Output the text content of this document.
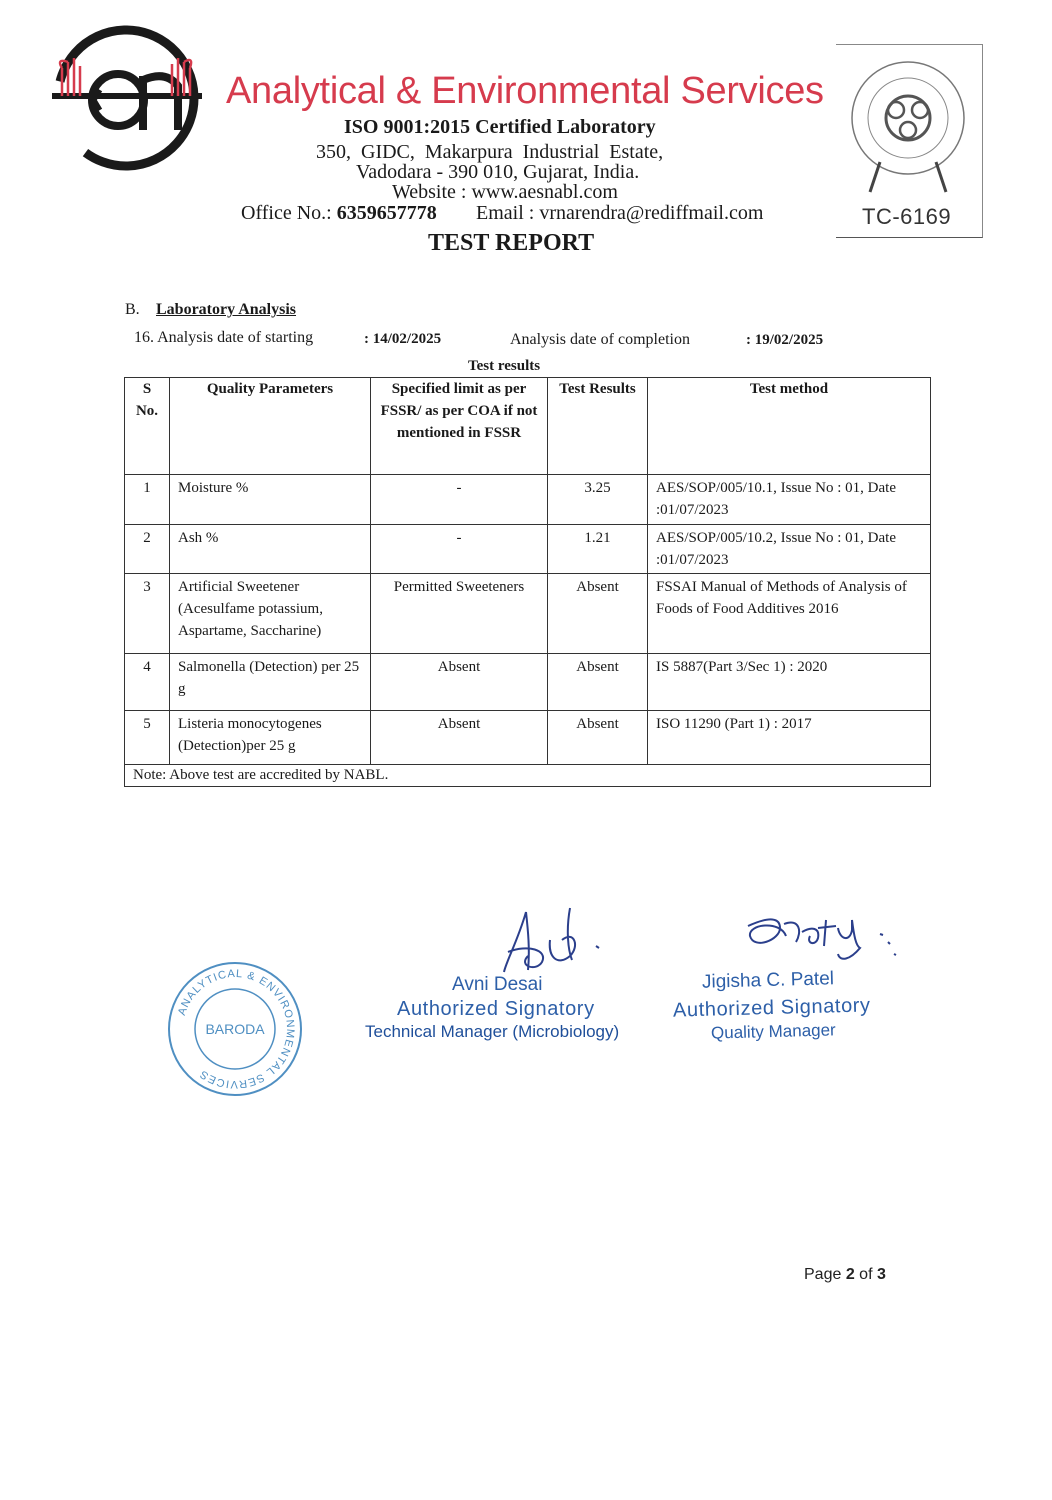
Analytical & Environmental Services
ISO 9001:2015 Certified Laboratory
350, GIDC, Makarpura Industrial Estate,
Vadodara - 390 010, Gujarat, India.
Website : www.aesnabl.com
Office No.: 6359657778 Email : vrnarendra@rediffmail.com
TEST REPORT
TC-6169
B. Laboratory Analysis
16. Analysis date of starting	: 14/02/2025	Analysis date of completion	: 19/02/2025
Test results
S No.	Quality Parameters	Specified limit as per FSSR/ as per COA if not mentioned in FSSR	Test Results	Test method
1	Moisture %	-	3.25	AES/SOP/005/10.1, Issue No : 01, Date :01/07/2023
2	Ash %	-	1.21	AES/SOP/005/10.2, Issue No : 01, Date :01/07/2023
3	Artificial Sweetener (Acesulfame potassium, Aspartame, Saccharine)	Permitted Sweeteners	Absent	FSSAI Manual of Methods of Analysis of Foods of Food Additives 2016
4	Salmonella (Detection) per 25 g	Absent	Absent	IS 5887(Part 3/Sec 1) : 2020
5	Listeria monocytogenes (Detection)per 25 g	Absent	Absent	ISO 11290 (Part 1) : 2017
Note: Above test are accredited by NABL.				
ANALYTICAL & ENVIRONMENTAL SERVICES
BARODA
Avni Desai
Authorized Signatory
Technical Manager (Microbiology)
Jigisha C. Patel
Authorized Signatory
Quality Manager
Page 2 of 3
